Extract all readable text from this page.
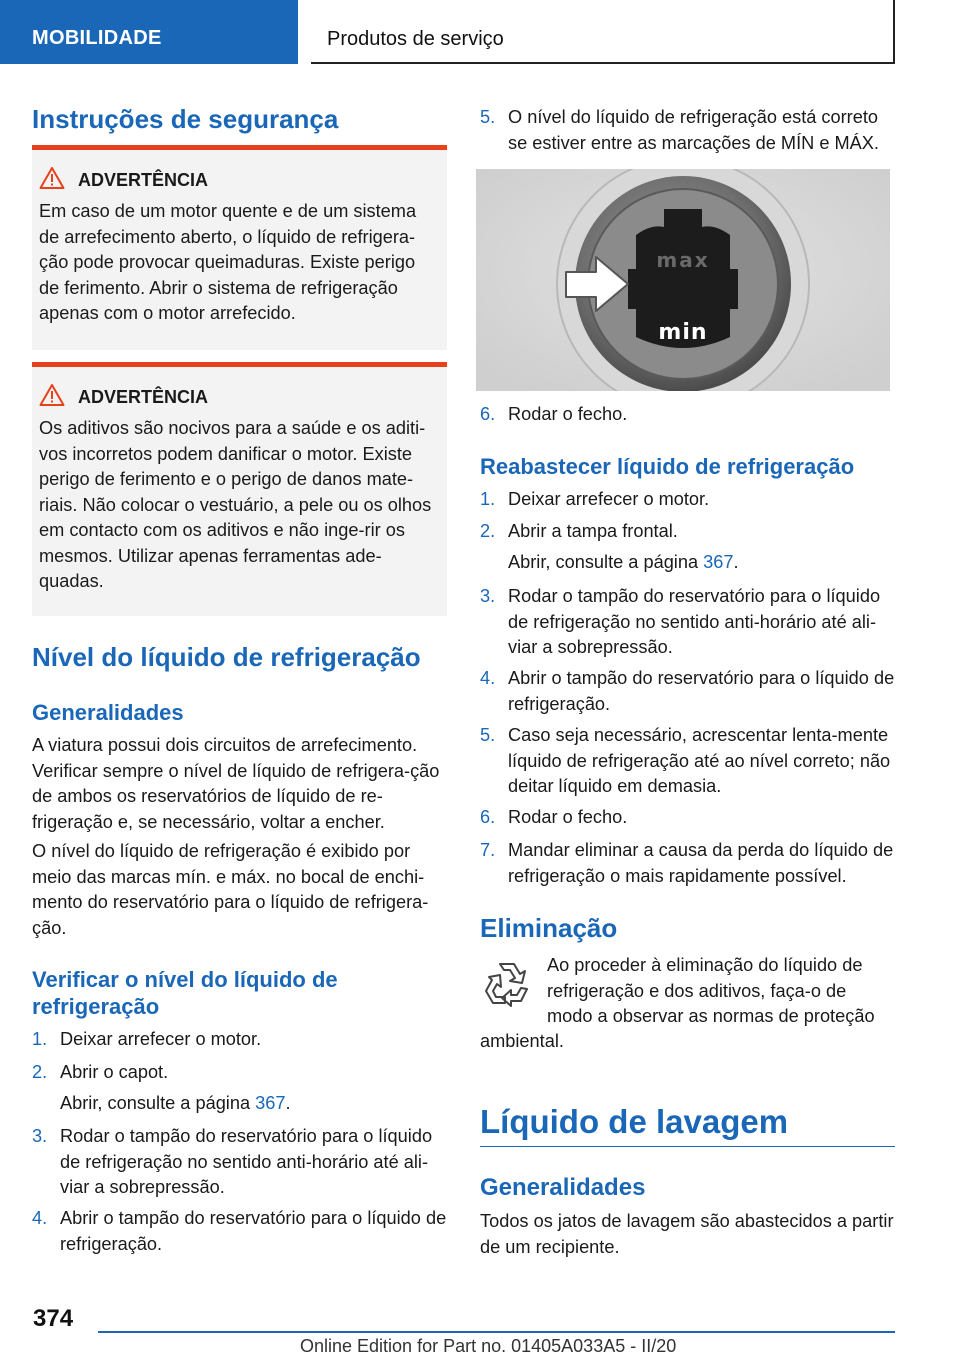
MOBILIDADE	Produtos de serviço
Instruções de segurança
ADVERTÊNCIA
Em caso de um motor quente e de um sistema de arrefecimento aberto, o líquido de refrigera-ção pode provocar queimaduras. Existe perigo de ferimento. Abrir o sistema de refrigeração apenas com o motor arrefecido.
ADVERTÊNCIA
Os aditivos são nocivos para a saúde e os aditi-vos incorretos podem danificar o motor. Existe perigo de ferimento e o perigo de danos mate-riais. Não colocar o vestuário, a pele ou os olhos em contacto com os aditivos e não inge-rir os mesmos. Utilizar apenas ferramentas ade-quadas.
Nível do líquido de refrigeração
Generalidades

A viatura possui dois circuitos de arrefecimento. Verificar sempre o nível de líquido de refrigera-ção de ambos os reservatórios de líquido de re-frigeração e, se necessário, voltar a encher.

O nível do líquido de refrigeração é exibido por meio das marcas mín. e máx. no bocal de enchi-mento do reservatório para o líquido de refrigera-ção.

Verificar o nível do líquido de refrigeração
1. Deixar arrefecer o motor.
2. Abrir o capot.
Abrir, consulte a página 367.
3. Rodar o tampão do reservatório para o líquido de refrigeração no sentido anti-horário até ali-viar a sobrepressão.
4. Abrir o tampão do reservatório para o líquido de refrigeração.
5. O nível do líquido de refrigeração está correto se estiver entre as marcações de MÍN e MÁX.
max
min
6. Rodar o fecho.
Reabastecer líquido de refrigeração
1. Deixar arrefecer o motor.
2. Abrir a tampa frontal.
Abrir, consulte a página 367.
3. Rodar o tampão do reservatório para o líquido de refrigeração no sentido anti-horário até ali-viar a sobrepressão.
4. Abrir o tampão do reservatório para o líquido de refrigeração.
5. Caso seja necessário, acrescentar lenta-mente líquido de refrigeração até ao nível correto; não deitar líquido em demasia.
6. Rodar o fecho.
7. Mandar eliminar a causa da perda do líquido de refrigeração o mais rapidamente possível.
Eliminação

Ao proceder à eliminação do líquido de refrigeração e dos aditivos, faça-o de modo a observar as normas de proteção

ambiental.

Líquido de lavagem
Generalidades

Todos os jatos de lavagem são abastecidos a partir de um recipiente.

374
Online Edition for Part no. 01405A033A5 - II/20
